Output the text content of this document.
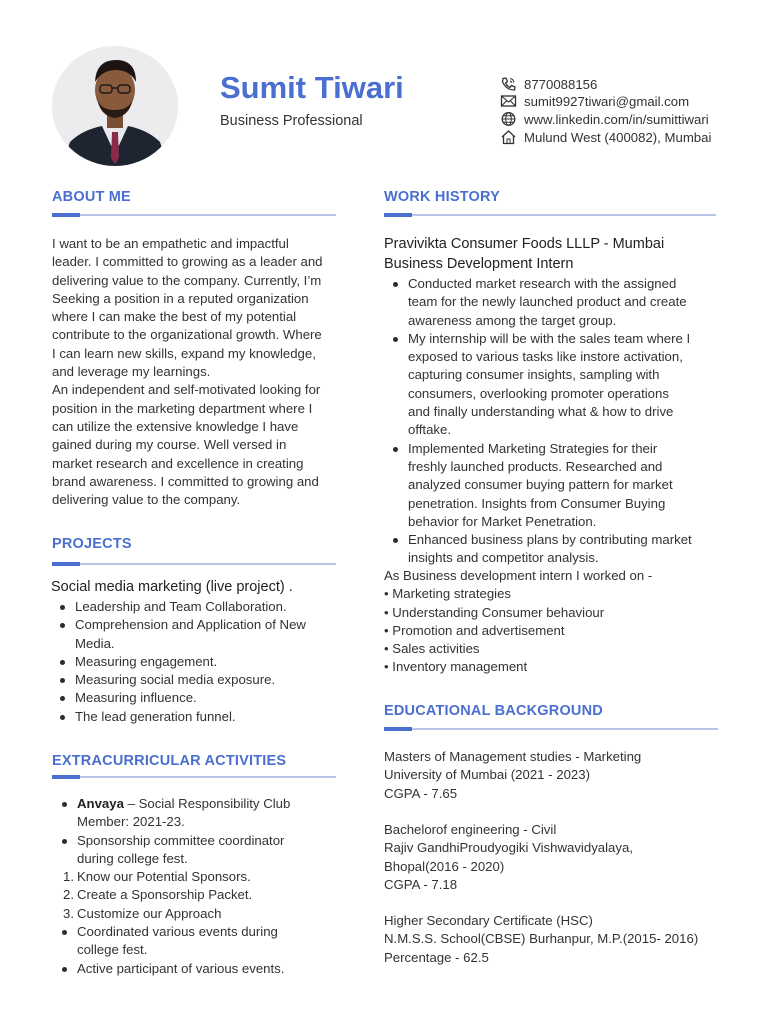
Sumit Tiwari
Business Professional
8770088156
sumit9927tiwari@gmail.com
www.linkedin.com/in/sumittiwari
Mulund West (400082), Mumbai
ABOUT ME
I want to be an empathetic and impactful
leader. I committed to growing as a leader and
delivering value to the company. Currently, I’m
Seeking a position in a reputed organization
where I can make the best of my potential
contribute to the organizational growth. Where
I can learn new skills, expand my knowledge,
and leverage my learnings.
An independent and self-motivated looking for
position in the marketing department where I
can utilize the extensive knowledge I have
gained during my course. Well versed in
market research and excellence in creating
brand awareness. I committed to growing and
delivering value to the company.
PROJECTS
Social media marketing (live project) .
Leadership and Team Collaboration.
Comprehension and Application of New
Media.
Measuring engagement.
Measuring social media exposure.
Measuring influence.
The lead generation funnel.
EXTRACURRICULAR ACTIVITIES
Anvaya – Social Responsibility Club
Member: 2021-23.
Sponsorship committee coordinator
during college fest.
1. Know our Potential Sponsors.
2. Create a Sponsorship Packet.
3. Customize our Approach
Coordinated various events during
college fest.
Active participant of various events.
WORK HISTORY
Pravivikta Consumer Foods LLLP - Mumbai
Business Development Intern
Conducted market research with the assigned
team for the newly launched product and create
awareness among the target group.
My internship will be with the sales team where I
exposed to various tasks like instore activation,
capturing consumer insights, sampling with
consumers, overlooking promoter operations
and finally understanding what & how to drive
offtake.
Implemented Marketing Strategies for their
freshly launched products. Researched and
analyzed consumer buying pattern for market
penetration. Insights from Consumer Buying
behavior for Market Penetration.
Enhanced business plans by contributing market
insights and competitor analysis.
As Business development intern I worked on -
• Marketing strategies
• Understanding Consumer behaviour
• Promotion and advertisement
• Sales activities
• Inventory management
EDUCATIONAL BACKGROUND
Masters of Management studies - Marketing
University of Mumbai (2021 - 2023)
CGPA - 7.65
Bachelorof engineering - Civil
Rajiv GandhiProudyogiki Vishwavidyalaya,
Bhopal(2016 - 2020)
CGPA - 7.18
Higher Secondary Certificate (HSC)
N.M.S.S. School(CBSE) Burhanpur, M.P.(2015- 2016)
Percentage - 62.5
